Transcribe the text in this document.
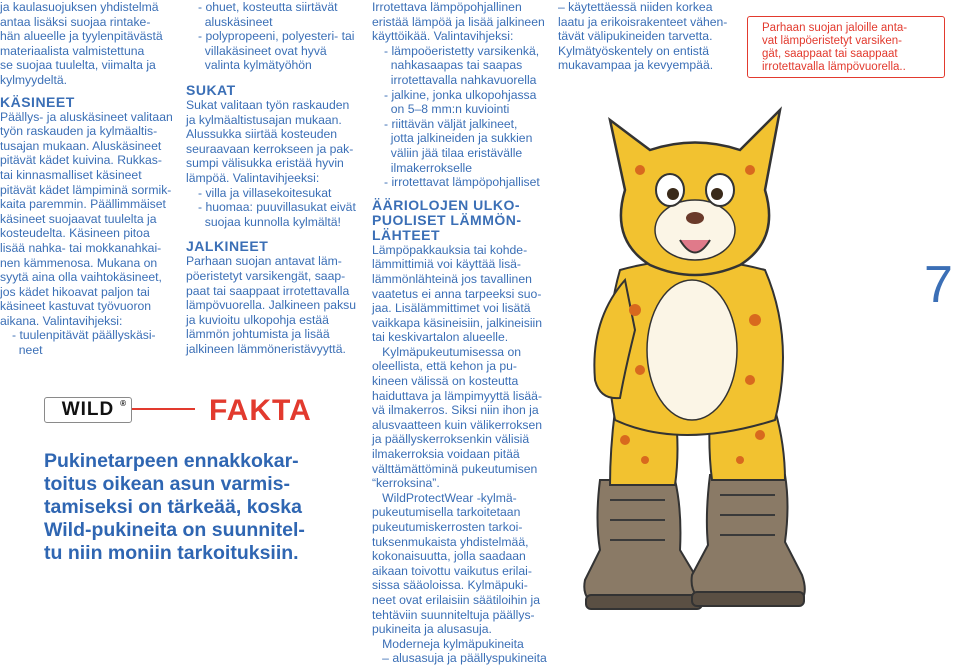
ja kaulasuojuksen yhdistelmä
antaa lisäksi suojaa rintake-
hän alueelle ja tyylenpitävästä
materiaalista valmistettuna
se suojaa tuulelta, viimalta ja
kylmyydeltä.
KÄSINEET
Päällys- ja aluskäsineet valitaan
työn raskauden ja kylmäaltis-
tusajan mukaan. Aluskäsineet
pitävät kädet kuivina. Rukkas-
tai kinnasmalliset käsineet
pitävät kädet lämpiminä sormik-
kaita paremmin. Päällimmäiset
käsineet suojaavat tuulelta ja
kosteudelta. Käsineen pitoa
lisää nahka- tai mokkanahkai-
nen kämmenosa. Mukana on
syytä aina olla vaihtokäsineet,
jos kädet hikoavat paljon tai
käsineet kastuvat työvuoron
aikana. Valintavihjeksi:
- tuulenpitävät päällyskäsi-
neet
- ohuet, kosteutta siirtävät
aluskäsineet
- polypropeeni, polyesteri- tai
villakäsineet ovat hyvä
valinta kylmätyöhön
SUKAT
Sukat valitaan työn raskauden
ja kylmäaltistusajan mukaan.
Alussukka siirtää kosteuden
seuraavaan kerrokseen ja pak-
sumpi välisukka eristää hyvin
lämpöä. Valintavihjeeksi:
- villa ja villasekoitesukat
- huomaa: puuvillasukat eivät
suojaa kunnolla kylmältä!
JALKINEET
Parhaan suojan antavat läm-
pöeristetyt varsikengät, saap-
paat tai saappaat irrotettavalla
lämpövuorella. Jalkineen paksu
ja kuvioitu ulkopohja estää
lämmön johtumista ja lisää
jalkineen lämmöneristävyyttä.
Irrotettava lämpöpohjallinen
eristää lämpöä ja lisää jalkineen
käyttöikää. Valintavihjeksi:
- lämpoöeristetty varsikenkä,
nahkasaapas tai saapas
irrotettavalla nahkavuorella
- jalkine, jonka ulkopohjassa
on 5–8 mm:n kuviointi
- riittävän väljät jalkineet,
jotta jalkineiden ja sukkien
väliin jää tilaa eristävälle
ilmakerrokselle
- irrotettavat lämpöpohjalliset
ÄÄRIOLOJEN ULKO-
PUOLISET LÄMMÖN-
LÄHTEET
Lämpöpakkauksia tai kohde-
lämmittimiä voi käyttää lisä-
lämmönlähteinä jos tavallinen
vaatetus ei anna tarpeeksi suo-
jaa. Lisälämmittimet voi lisätä
vaikkapa käsineisiin, jalkineisiin
tai keskivartalon alueelle.
Kylmäpukeutumisessa on
oleellista, että kehon ja pu-
kineen välissä on kosteutta
haiduttava ja lämpimyyttä lisää-
vä ilmakerros. Siksi niin ihon ja
alusvaatteen kuin välikerroksen
ja päällyskerroksenkin välisiä
ilmakerroksia voidaan pitää
välttämättöminä pukeutumisen
“kerroksina”.
WildProtectWear -kylmä-
pukeutumisella tarkoitetaan
pukeutumiskerrosten tarkoi-
tuksenmukaista yhdistelmää,
kokonaisuutta, jolla saadaan
aikaan toivottu vaikutus erilai-
sissa sääoloissa. Kylmäpuki-
neet ovat erilaisiin säätiloihin ja
tehtäviin suunniteltuja päällys-
pukineita ja alusasuja.
Moderneja kylmäpukineita
– alusasuja ja päällyspukineita
– käytettäessä niiden korkea
laatu ja erikoisrakenteet vähen-
tävät välipukineiden tarvetta.
Kylmätyöskentely on entistä
mukavampaa ja kevyempää.
Parhaan suojan jaloille anta-
vat lämpöeristetyt varsiken-
gät, saappaat tai saappaat
irrotettavalla lämpövuorella..
WILD ®	FAKTA
Pukinetarpeen ennakkokar-
toitus oikean asun varmis-
tamiseksi on tärkeää, koska
Wild-pukineita on suunnitel-
tu niin moniin tarkoituksiin.
7
